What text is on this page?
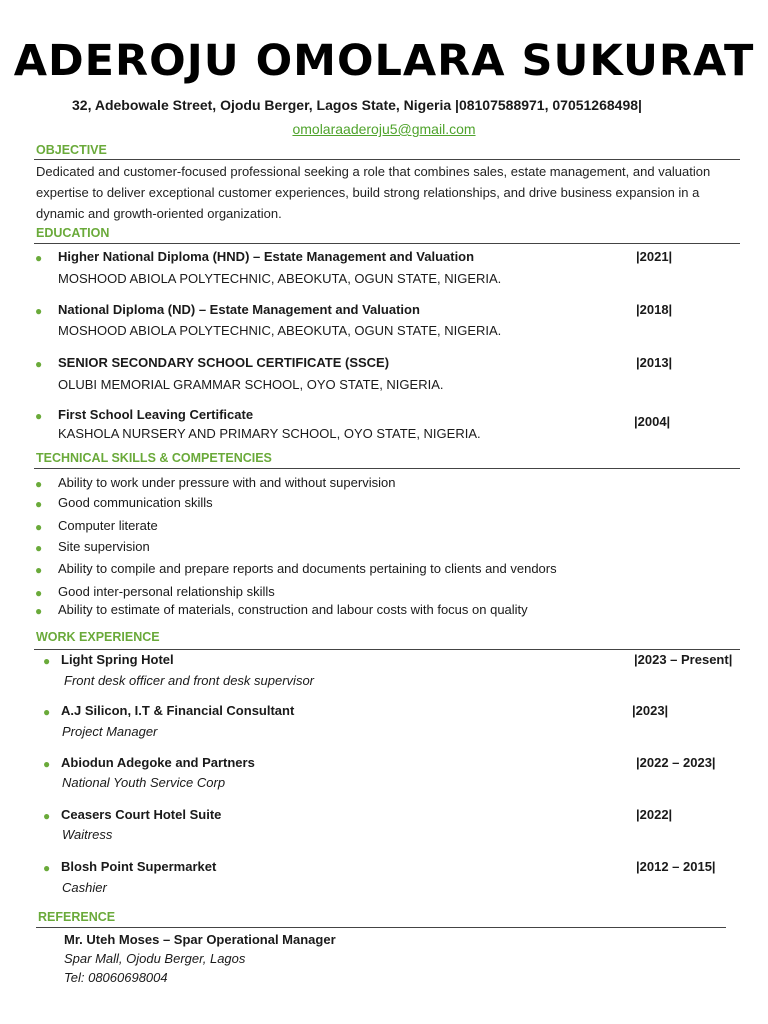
ADEROJU OMOLARA SUKURAT
32, Adebowale Street, Ojodu Berger, Lagos State, Nigeria |08107588971, 07051268498|
omolaraaderoju5@gmail.com
OBJECTIVE
Dedicated and customer-focused professional seeking a role that combines sales, estate management, and valuation expertise to deliver exceptional customer experiences, build strong relationships, and drive business expansion in a dynamic and growth-oriented organization.
EDUCATION
● Higher National Diploma (HND) – Estate Management and Valuation
MOSHOOD ABIOLA POLYTECHNIC, ABEOKUTA, OGUN STATE, NIGERIA.
|2021|
● National Diploma (ND) – Estate Management and Valuation
MOSHOOD ABIOLA POLYTECHNIC, ABEOKUTA, OGUN STATE, NIGERIA.
|2018|
● SENIOR SECONDARY SCHOOL CERTIFICATE (SSCE)
OLUBI MEMORIAL GRAMMAR SCHOOL, OYO STATE, NIGERIA.
|2013|
● First School Leaving Certificate
KASHOLA NURSERY AND PRIMARY SCHOOL, OYO STATE, NIGERIA.
|2004|
TECHNICAL SKILLS & COMPETENCIES
● Ability to work under pressure with and without supervision
● Good communication skills
● Computer literate
● Site supervision
● Ability to compile and prepare reports and documents pertaining to clients and vendors
● Good inter-personal relationship skills
● Ability to estimate of materials, construction and labour costs with focus on quality
WORK EXPERIENCE
● Light Spring Hotel
Front desk officer and front desk supervisor
|2023 – Present|
● A.J Silicon, I.T & Financial Consultant
Project Manager
|2023|
● Abiodun Adegoke and Partners
National Youth Service Corp
|2022 – 2023|
● Ceasers Court Hotel Suite
Waitress
|2022|
● Blosh Point Supermarket
Cashier
|2012 – 2015|
REFERENCE
Mr. Uteh Moses – Spar Operational Manager
Spar Mall, Ojodu Berger, Lagos
Tel: 08060698004
